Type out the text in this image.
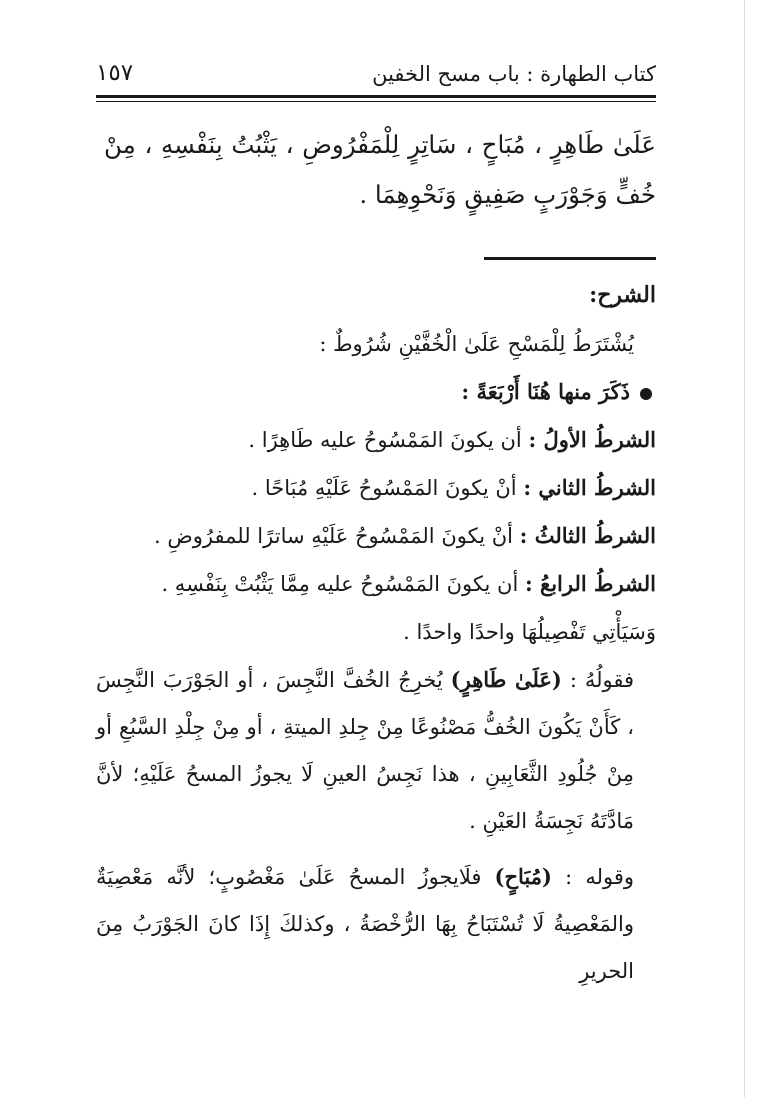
كتاب الطهارة : باب مسح الخفين
١٥٧
عَلَىٰ طَاهِرٍ ، مُبَاحٍ ، سَاتِرٍ لِلْمَفْرُوضِ ، يَثْبُتُ بِنَفْسِهِ ، مِنْ خُفٍّ وَجَوْرَبٍ صَفِيقٍ وَنَحْوِهِمَا .
الشرح:
يُشْتَرَطُ لِلْمَسْحِ عَلَىٰ الْخُفَّيْنِ شُرُوطٌ :
ذَكَرَ منها هُنَا أَرْبَعَةً :
الشرطُ الأولُ : أن يكونَ المَمْسُوحُ عليه طَاهِرًا .
الشرطُ الثاني : أنْ يكونَ المَمْسُوحُ عَلَيْهِ مُبَاحًا .
الشرطُ الثالثُ : أنْ يكونَ المَمْسُوحُ عَلَيْهِ ساترًا للمفرُوضِ .
الشرطُ الرابعُ : أن يكونَ المَمْسُوحُ عليه مِمَّا يَثْبُتْ بِنَفْسِهِ .
وَسَيَأْتِي تَفْصِيلُهَا واحدًا واحدًا .

فقولُهُ : (عَلَىٰ طَاهِرٍ) يُخرِجُ الخُفَّ النَّجِسَ ، أو الجَوْرَبَ النَّجِسَ ، كَأَنْ يَكُونَ الخُفُّ مَصْنُوعًا مِنْ جِلدِ الميتةِ ، أو مِنْ جِلْدِ السَّبُعِ أو مِنْ جُلُودِ الثَّعَابِينِ ، هذا نَجِسُ العينِ لَا يجوزُ المسحُ عَلَيْهِ؛ لأنَّ مَادَّتَهُ نَجِسَةُ العَيْنِ .

وقوله : (مُبَاحٍ) فلَايجوزُ المسحُ عَلَىٰ مَغْصُوبٍ؛ لأنَّه مَعْصِيَةٌ والمَعْصِيةُ لَا تُسْتَبَاحُ بِهَا الرُّخْصَةُ ، وكذلكَ إِذَا كانَ الجَوْرَبُ مِنَ الحريرِ
